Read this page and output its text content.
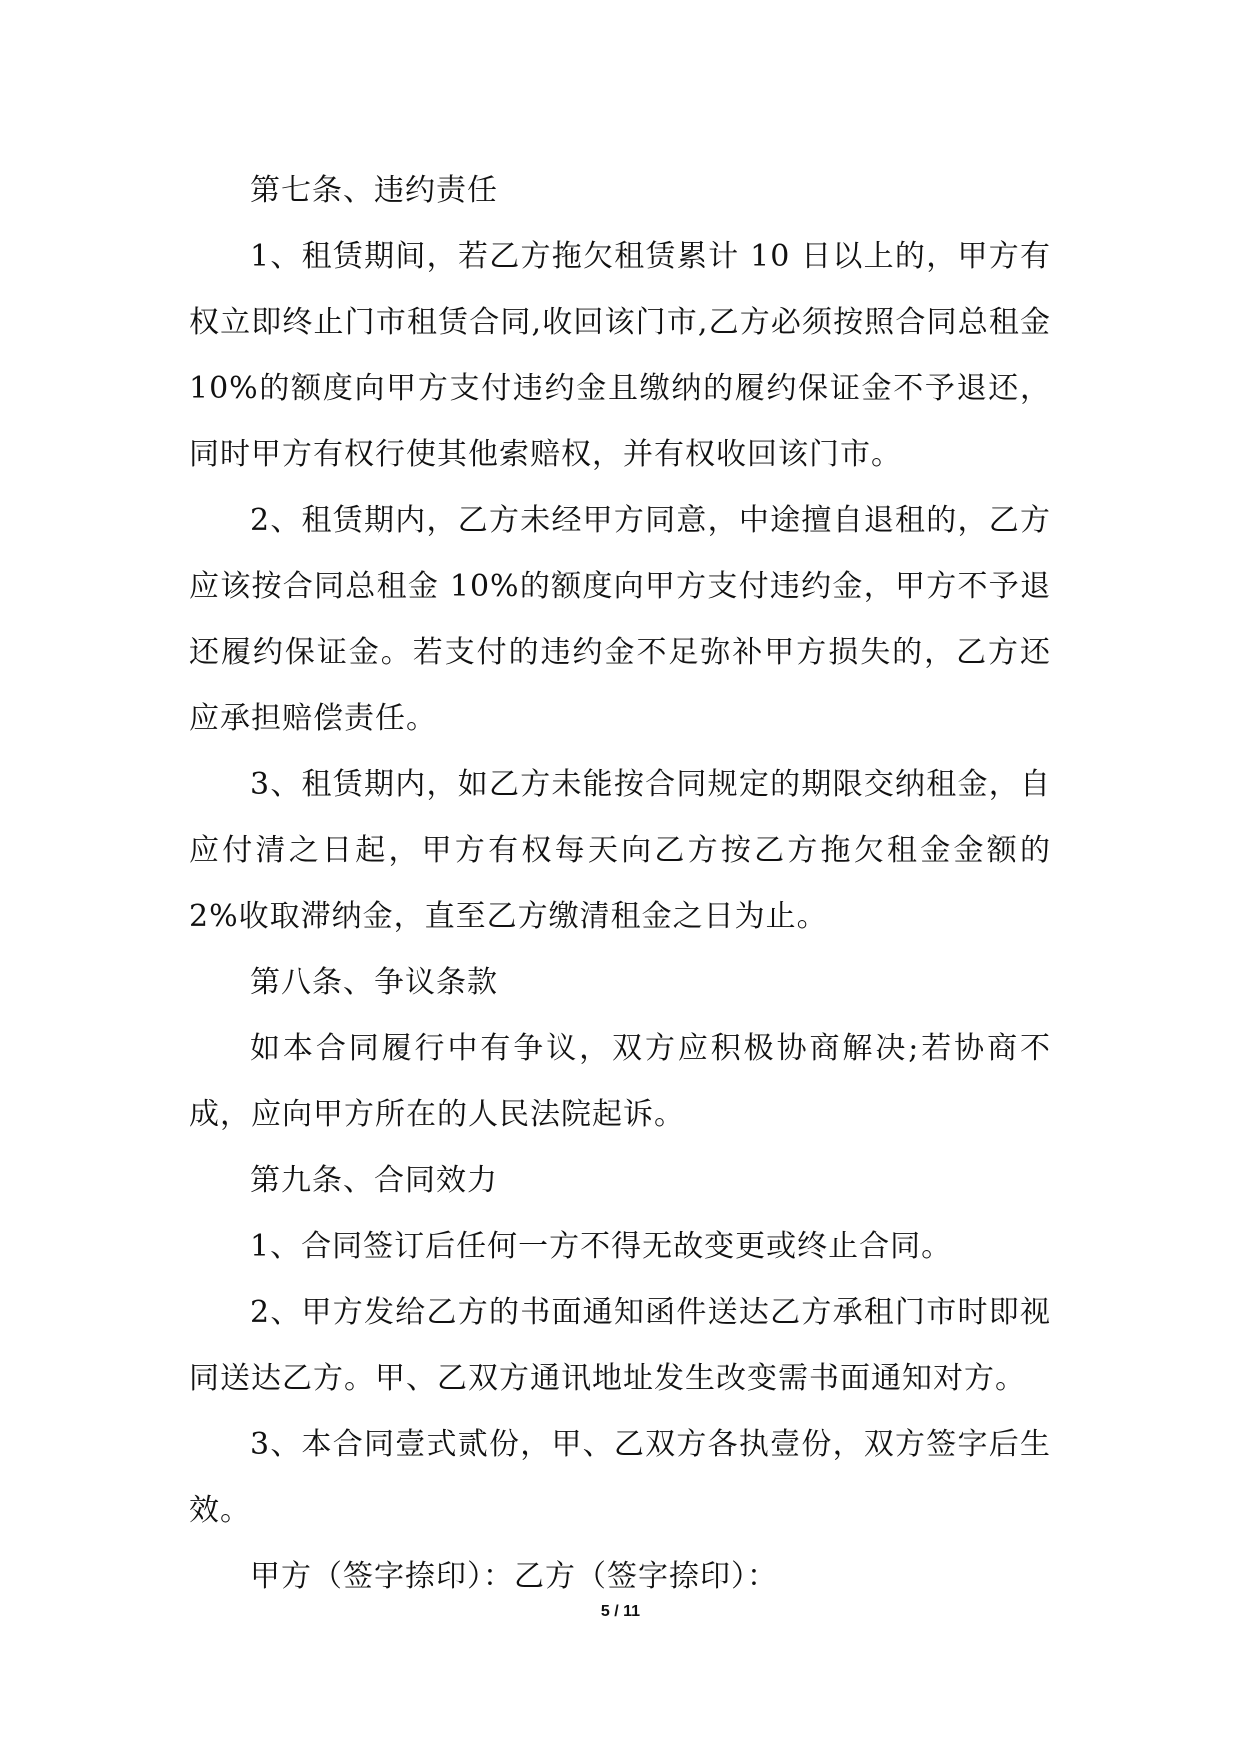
第七条、违约责任

1、租赁期间，若乙方拖欠租赁累计 10 日以上的，甲方有权立即终止门市租赁合同,收回该门市,乙方必须按照合同总租金 10%的额度向甲方支付违约金且缴纳的履约保证金不予退还，同时甲方有权行使其他索赔权，并有权收回该门市。

2、租赁期内，乙方未经甲方同意，中途擅自退租的，乙方应该按合同总租金 10%的额度向甲方支付违约金，甲方不予退还履约保证金。若支付的违约金不足弥补甲方损失的，乙方还应承担赔偿责任。

3、租赁期内，如乙方未能按合同规定的期限交纳租金，自应付清之日起，甲方有权每天向乙方按乙方拖欠租金金额的 2%收取滞纳金，直至乙方缴清租金之日为止。

第八条、争议条款

如本合同履行中有争议，双方应积极协商解决;若协商不成，应向甲方所在的人民法院起诉。

第九条、合同效力

1、合同签订后任何一方不得无故变更或终止合同。

2、甲方发给乙方的书面通知函件送达乙方承租门市时即视同送达乙方。甲、乙双方通讯地址发生改变需书面通知对方。

3、本合同壹式贰份，甲、乙双方各执壹份，双方签字后生效。

甲方（签字捺印）：乙方（签字捺印）：

5 / 11
